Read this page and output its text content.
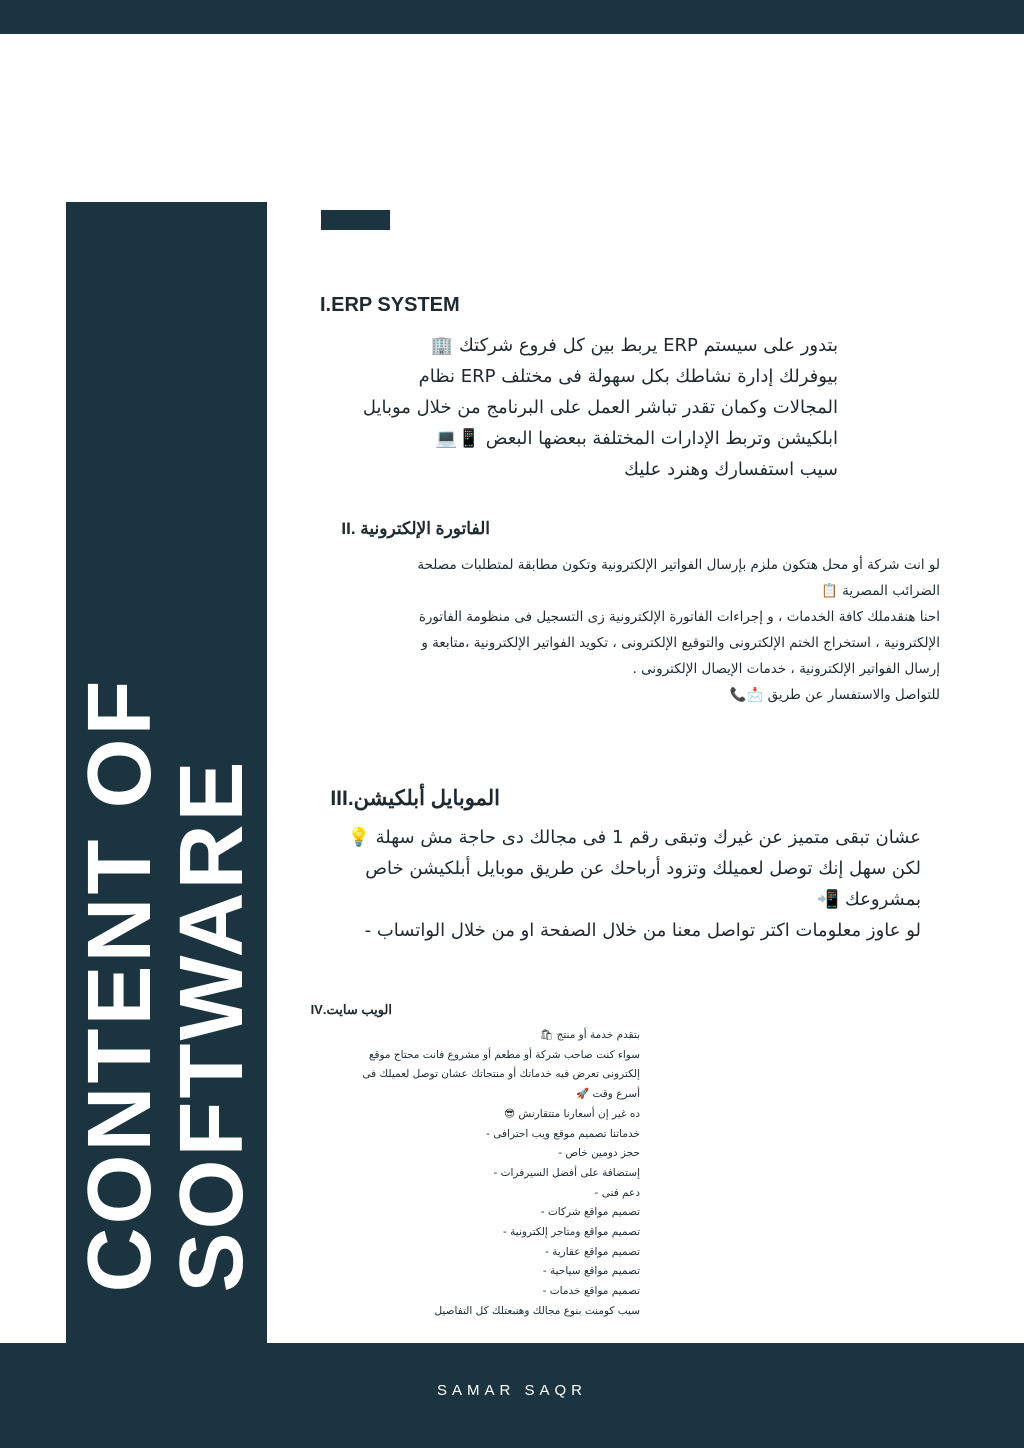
CONTENT OF
SOFTWARE
I.ERP SYSTEM
بتدور على سيستم ERP يربط بين كل فروع شركتك 🏢
بيوفرلك إدارة نشاطك بكل سهولة فى مختلف ERP نظام
المجالات وكمان تقدر تباشر العمل على البرنامج من خلال موبايل
ابلكيشن وتربط الإدارات المختلفة ببعضها البعض 📱💻
سيب استفسارك وهنرد عليك
الفاتورة الإلكترونية .II
لو انت شركة أو محل هتكون ملزم بإرسال الفواتير الإلكترونية وتكون مطابقة لمتطلبات مصلحة
الضرائب المصرية 📋
احنا هنقدملك كافة الخدمات ، و إجراءات الفاتورة الإلكترونية زى التسجيل فى منظومة الفاتورة
الإلكترونية ، استخراج الختم الإلكترونى والتوقيع الإلكترونى ، تكويد الفواتير الإلكترونية ،متابعة و
إرسال الفواتير الإلكترونية ، خدمات الإيصال الإلكترونى .
للتواصل والاستفسار عن طريق 📩📞
الموبايل أبلكيشن.III
عشان تبقى متميز عن غيرك وتبقى رقم 1 فى مجالك دى حاجة مش سهلة 💡
لكن سهل إنك توصل لعميلك وتزود أرباحك عن طريق موبايل أبلكيشن خاص
بمشروعك 📲
لو عاوز معلومات اكتر تواصل معنا من خلال الصفحة او من خلال الواتساب -
الويب سايت.IV
بتقدم خدمة أو منتج 🛍
سواء كنت صاحب شركة أو مطعم أو مشروع فانت محتاج موقع
إلكترونى تعرض فيه خدماتك أو منتجاتك عشان توصل لعميلك فى
أسرع وقت 🚀
ده غير إن أسعارنا متتقارنش 😎
خدماتنا تصميم موقع ويب احترافى -
حجز دومين خاص -
إستضافة على أفضل السيرفرات -
دعم فنى -
تصميم مواقع شركات -
تصميم مواقع ومتاجر إلكترونية -
تصميم مواقع عقارية -
تصميم مواقع سياحية -
تصميم مواقع خدمات -
سيب كومنت بنوع مجالك وهنبعتلك كل التفاصيل
SAMAR SAQR
